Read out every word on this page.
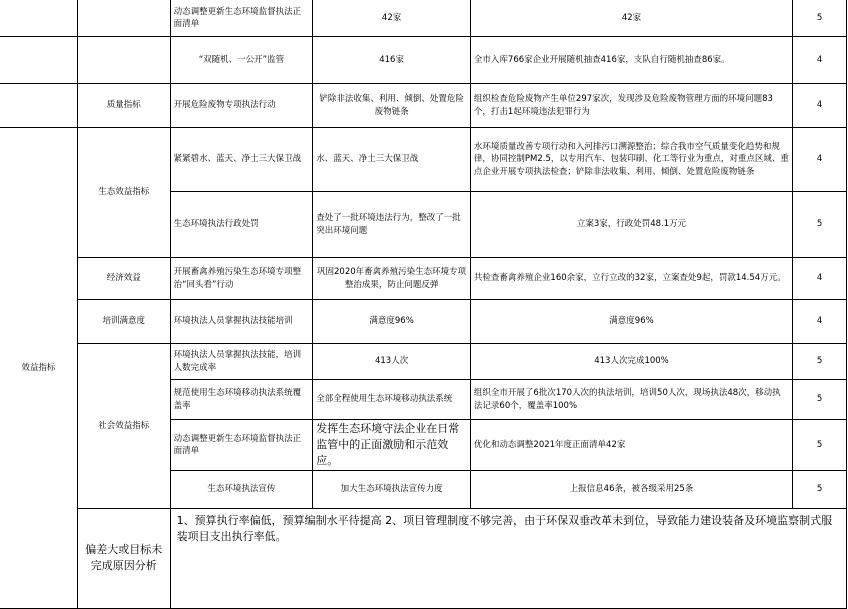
		动态调整更新生态环境监督执法正面清单	42家	42家	5
		“双随机、一公开”监管	416家	全市入库766家企业开展随机抽查416家，支队自行随机抽查86家。	4
	质量指标	开展危险废物专项执法行动	铲除非法收集、利用、倾倒、处置危险废物链条	组织检查危险废物产生单位297家次，发现涉及危险废物管理方面的环境问题83个，打击1起环境违法犯罪行为	4
效益指标	生态效益指标	紧紧碧水、蓝天、净土三大保卫战	水、蓝天、净土三大保卫战	水环境质量改善专项行动和入河排污口溯源整治；综合我市空气质量变化趋势和规律，协同控制PM2.5，以专用汽车、包装印刷、化工等行业为重点，对重点区域、重点企业开展专项执法检查；铲除非法收集、利用、倾倒、处置危险废物链条	4
		生态环境执法行政处罚	查处了一批环境违法行为，整改了一批突出环境问题	立案3家，行政处罚48.1万元	5
	经济效益	开展畜禽养殖污染生态环境专项整治“回头看”行动	巩固2020年畜禽养殖污染生态环境专项整治成果，防止问题反弹	共检查畜禽养殖企业160余家，立行立改的32家，立案查处9起，罚款14.54万元。	4
	培训满意度	环境执法人员掌握执法技能培训	满意度96%	满意度96%	4
	社会效益指标	环境执法人员掌握执法技能，培训人数完成率	413人次	413人次完成100%	5
		规范使用生态环境移动执法系统覆盖率	全部全程使用生态环境移动执法系统	组织全市开展了6批次170人次的执法培训，培训50人次，现场执法48次，移动执法记录60个，覆盖率100%	5
		动态调整更新生态环境监督执法正面清单	发挥生态环境守法企业在日常监管中的正面激励和示范效应。	优化和动态调整2021年度正面清单42家	5
		生态环境执法宣传	加大生态环境执法宣传力度	上报信息46条，被各级采用25条	5
	偏差大或目标未完成原因分析	1、预算执行率偏低，预算编制水平待提高 2、项目管理制度不够完善，由于环保双垂改革未到位，导致能力建设装备及环境监察制式服装项目支出执行率低。			
